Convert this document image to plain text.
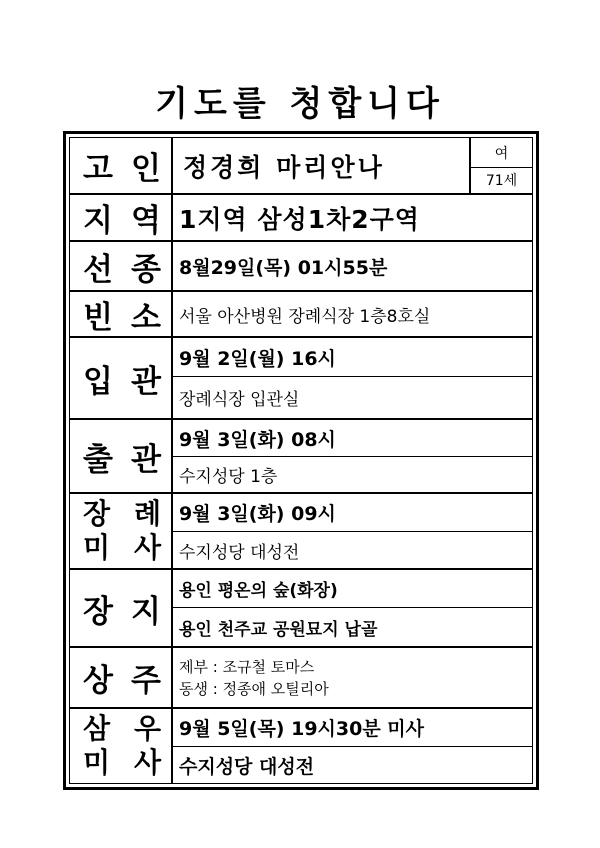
기도를 청합니다
고 인 정경희 마리안나	여
71세
지 역 1지역 삼성1차2구역
선 종 8월29일(목) 01시55분
빈 소	서울 아산병원 장례식장 1층8호실
입 관
9월 2일(월) 16시
장례식장 입관실
출 관
9월 3일(화) 08시
수지성당 1층
장 례
미 사
9월 3일(화) 09시
수지성당 대성전
장 지
용인 평온의 숲(화장)
용인 천주교 공원묘지 납골
상 주 제부 : 조규철 토마스
동생 : 정종애 오틸리아
삼 우
미 사
9월 5일(목) 19시30분 미사
수지성당 대성전
